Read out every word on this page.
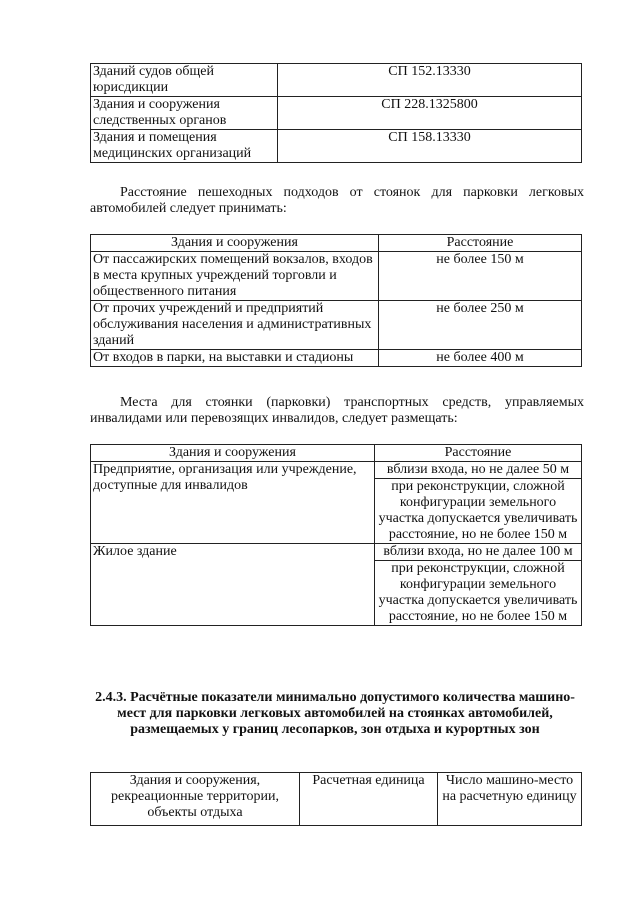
Зданий судов общей юрисдикции	СП 152.13330
Здания и сооружения следственных органов	СП 228.1325800
Здания и помещения медицинских организаций	СП 158.13330
Расстояние пешеходных подходов от стоянок для парковки легковых автомобилей следует принимать:
Здания и сооружения	Расстояние
От пассажирских помещений вокзалов, входов в места крупных учреждений торговли и общественного питания	не более 150 м
От прочих учреждений и предприятий обслуживания населения и административных зданий	не более 250 м
От входов в парки, на выставки и стадионы	не более 400 м
Места для стоянки (парковки) транспортных средств, управляемых инвалидами или перевозящих инвалидов, следует размещать:
Здания и сооружения	Расстояние
Предприятие, организация или учреждение, доступные для инвалидов	вблизи входа, но не далее 50 м
	при реконструкции, сложной конфигурации земельного участка допускается увеличивать расстояние, но не более 150 м
Жилое здание	вблизи входа, но не далее 100 м
	при реконструкции, сложной конфигурации земельного участка допускается увеличивать расстояние, но не более 150 м
2.4.3. Расчётные показатели минимально допустимого количества машино-мест для парковки легковых автомобилей на стоянках автомобилей, размещаемых у границ лесопарков, зон отдыха и курортных зон
Здания и сооружения, рекреационные территории, объекты отдыха	Расчетная единица	Число машино-место на расчетную единицу
